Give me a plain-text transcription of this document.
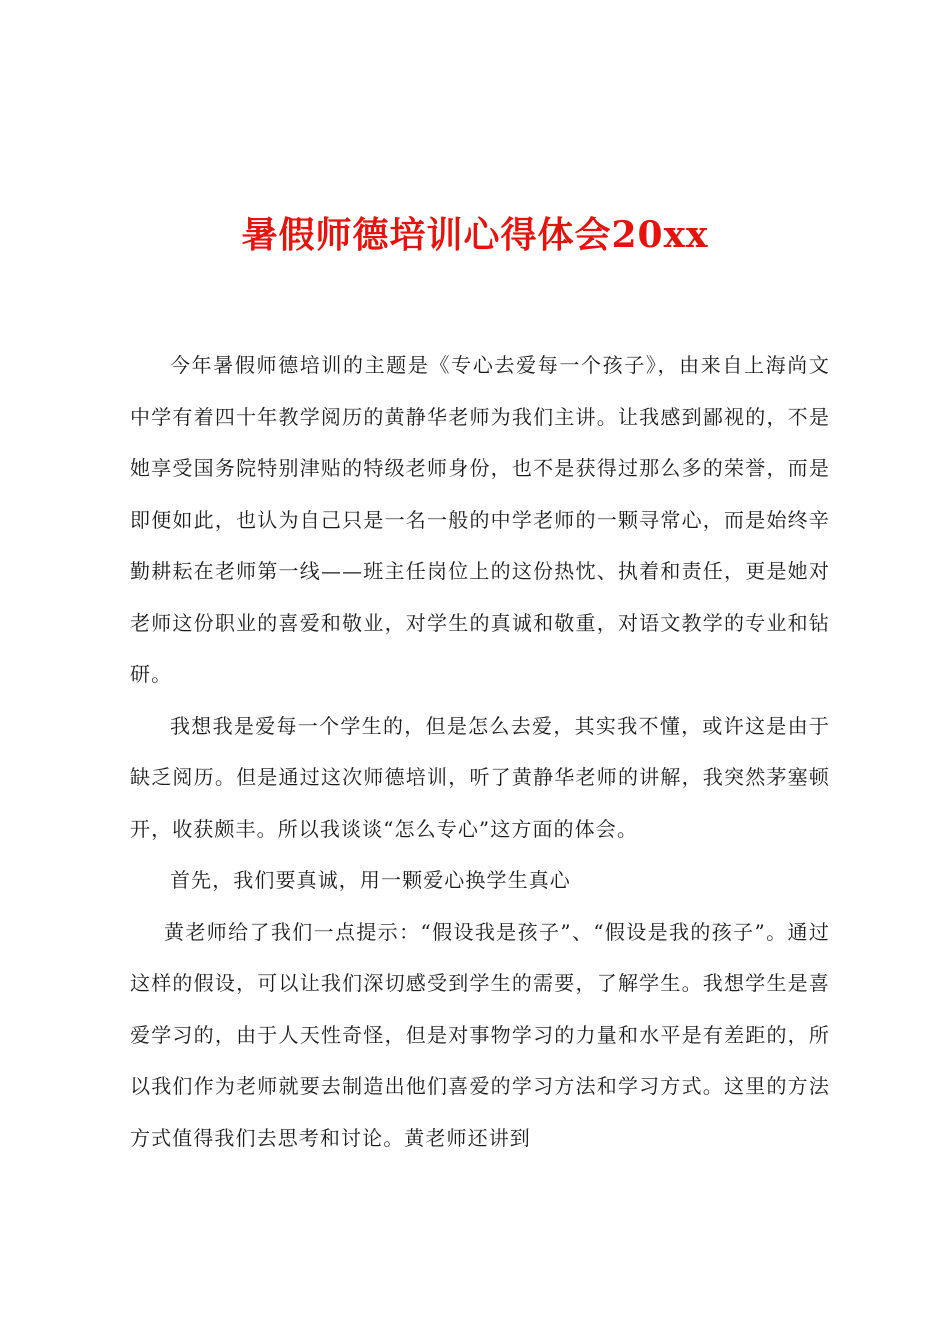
暑假师德培训心得体会20xx

今年暑假师德培训的主题是《专心去爱每一个孩子》，由来自上海尚文中学有着四十年教学阅历的黄静华老师为我们主讲。让我感到鄙视的，不是她享受国务院特别津贴的特级老师身份，也不是获得过那么多的荣誉，而是即便如此，也认为自己只是一名一般的中学老师的一颗寻常心，而是始终辛勤耕耘在老师第一线——班主任岗位上的这份热忱、执着和责任，更是她对老师这份职业的喜爱和敬业，对学生的真诚和敬重，对语文教学的专业和钻研。

我想我是爱每一个学生的，但是怎么去爱，其实我不懂，或许这是由于缺乏阅历。但是通过这次师德培训，听了黄静华老师的讲解，我突然茅塞顿开，收获颇丰。所以我谈谈“怎么专心”这方面的体会。

首先，我们要真诚，用一颗爱心换学生真心

黄老师给了我们一点提示：“假设我是孩子”、“假设是我的孩子”。通过这样的假设，可以让我们深切感受到学生的需要，了解学生。我想学生是喜爱学习的，由于人天性奇怪，但是对事物学习的力量和水平是有差距的，所以我们作为老师就要去制造出他们喜爱的学习方法和学习方式。这里的方法方式值得我们去思考和讨论。黄老师还讲到
